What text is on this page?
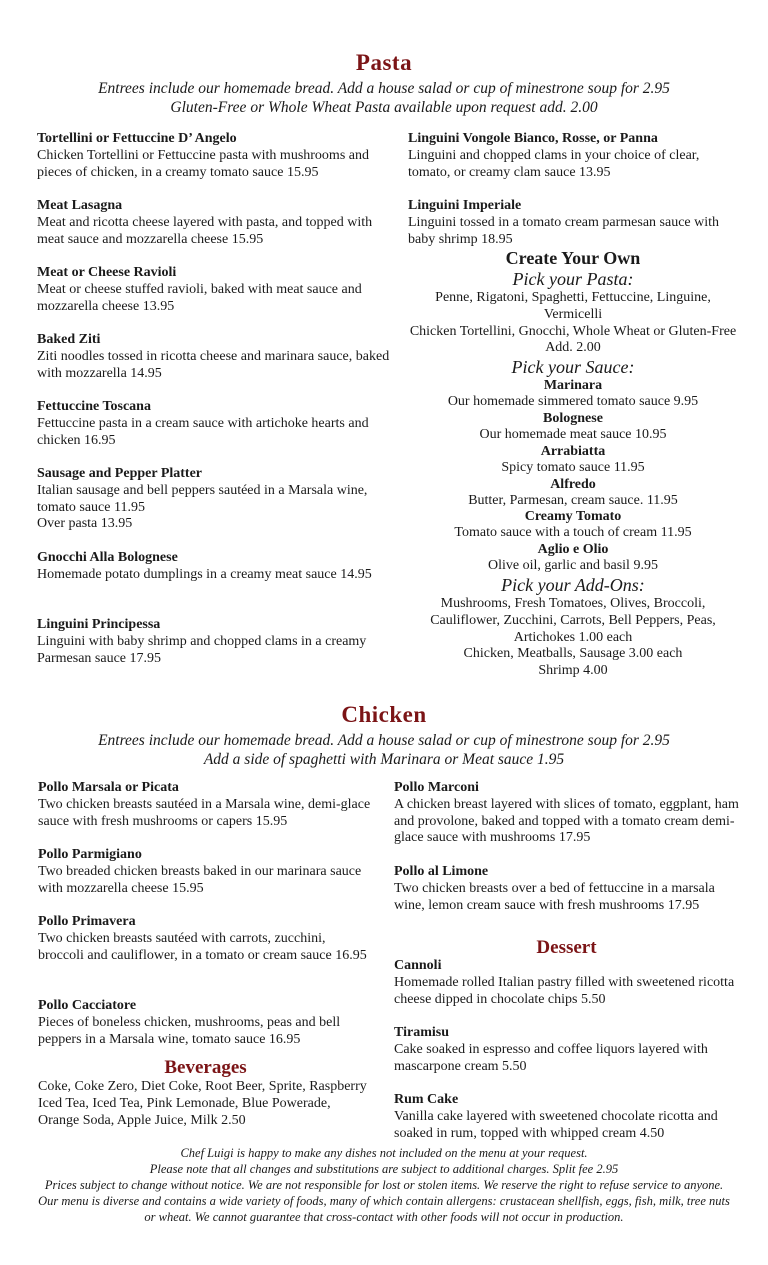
Pasta
Entrees include our homemade bread. Add a house salad or cup of minestrone soup for 2.95
Gluten-Free or Whole Wheat Pasta available upon request add. 2.00
Tortellini or Fettuccine D’ Angelo
Chicken Tortellini or Fettuccine pasta with mushrooms and pieces of chicken, in a creamy tomato sauce 15.95
Meat Lasagna
Meat and ricotta cheese layered with pasta, and topped with meat sauce and mozzarella cheese 15.95
Meat or Cheese Ravioli
Meat or cheese stuffed ravioli, baked with meat sauce and mozzarella cheese 13.95
Baked Ziti
Ziti noodles tossed in ricotta cheese and marinara sauce, baked with mozzarella 14.95
Fettuccine Toscana
Fettuccine pasta in a cream sauce with artichoke hearts and chicken 16.95
Sausage and Pepper Platter
Italian sausage and bell peppers sautéed in a Marsala wine, tomato sauce 11.95
Over pasta 13.95
Gnocchi Alla Bolognese
Homemade potato dumplings in a creamy meat sauce 14.95
Linguini Principessa
Linguini with baby shrimp and chopped clams in a creamy Parmesan sauce 17.95
Linguini Vongole Bianco, Rosse, or Panna
Linguini and chopped clams in your choice of clear, tomato, or creamy clam sauce 13.95
Linguini Imperiale
Linguini tossed in a tomato cream parmesan sauce with baby shrimp 18.95
Create Your Own
Pick your Pasta:
Penne, Rigatoni, Spaghetti, Fettuccine, Linguine, Vermicelli
Chicken Tortellini, Gnocchi, Whole Wheat or Gluten-Free Add. 2.00
Pick your Sauce:
Marinara
Our homemade simmered tomato sauce 9.95
Bolognese
Our homemade meat sauce 10.95
Arrabiatta
Spicy tomato sauce 11.95
Alfredo
Butter, Parmesan, cream sauce. 11.95
Creamy Tomato
Tomato sauce with a touch of cream 11.95
Aglio e Olio
Olive oil, garlic and basil 9.95
Pick your Add-Ons:
Mushrooms, Fresh Tomatoes, Olives, Broccoli, Cauliflower, Zucchini, Carrots, Bell Peppers, Peas, Artichokes 1.00 each
Chicken, Meatballs, Sausage 3.00 each
Shrimp 4.00
Chicken
Entrees include our homemade bread. Add a house salad or cup of minestrone soup for 2.95
Add a side of spaghetti with Marinara or Meat sauce 1.95
Pollo Marsala or Picata
Two chicken breasts sautéed in a Marsala wine, demi-glace sauce with fresh mushrooms or capers 15.95
Pollo Parmigiano
Two breaded chicken breasts baked in our marinara sauce with mozzarella cheese 15.95
Pollo Primavera
Two chicken breasts sautéed with carrots, zucchini, broccoli and cauliflower, in a tomato or cream sauce 16.95
Pollo Cacciatore
Pieces of boneless chicken, mushrooms, peas and bell peppers in a Marsala wine, tomato sauce 16.95
Beverages
Coke, Coke Zero, Diet Coke, Root Beer, Sprite, Raspberry Iced Tea, Iced Tea, Pink Lemonade, Blue Powerade, Orange Soda, Apple Juice, Milk 2.50
Pollo Marconi
A chicken breast layered with slices of tomato, eggplant, ham and provolone, baked and topped with a tomato cream demi-glace sauce with mushrooms 17.95
Pollo al Limone
Two chicken breasts over a bed of fettuccine in a marsala wine, lemon cream sauce with fresh mushrooms 17.95
Dessert
Cannoli
Homemade rolled Italian pastry filled with sweetened ricotta cheese dipped in chocolate chips 5.50
Tiramisu
Cake soaked in espresso and coffee liquors layered with mascarpone cream 5.50
Rum Cake
Vanilla cake layered with sweetened chocolate ricotta and soaked in rum, topped with whipped cream 4.50
Chef Luigi is happy to make any dishes not included on the menu at your request.
Please note that all changes and substitutions are subject to additional charges. Split fee 2.95
Prices subject to change without notice. We are not responsible for lost or stolen items. We reserve the right to refuse service to anyone. Our menu is diverse and contains a wide variety of foods, many of which contain allergens: crustacean shellfish, eggs, fish, milk, tree nuts or wheat. We cannot guarantee that cross-contact with other foods will not occur in production.
